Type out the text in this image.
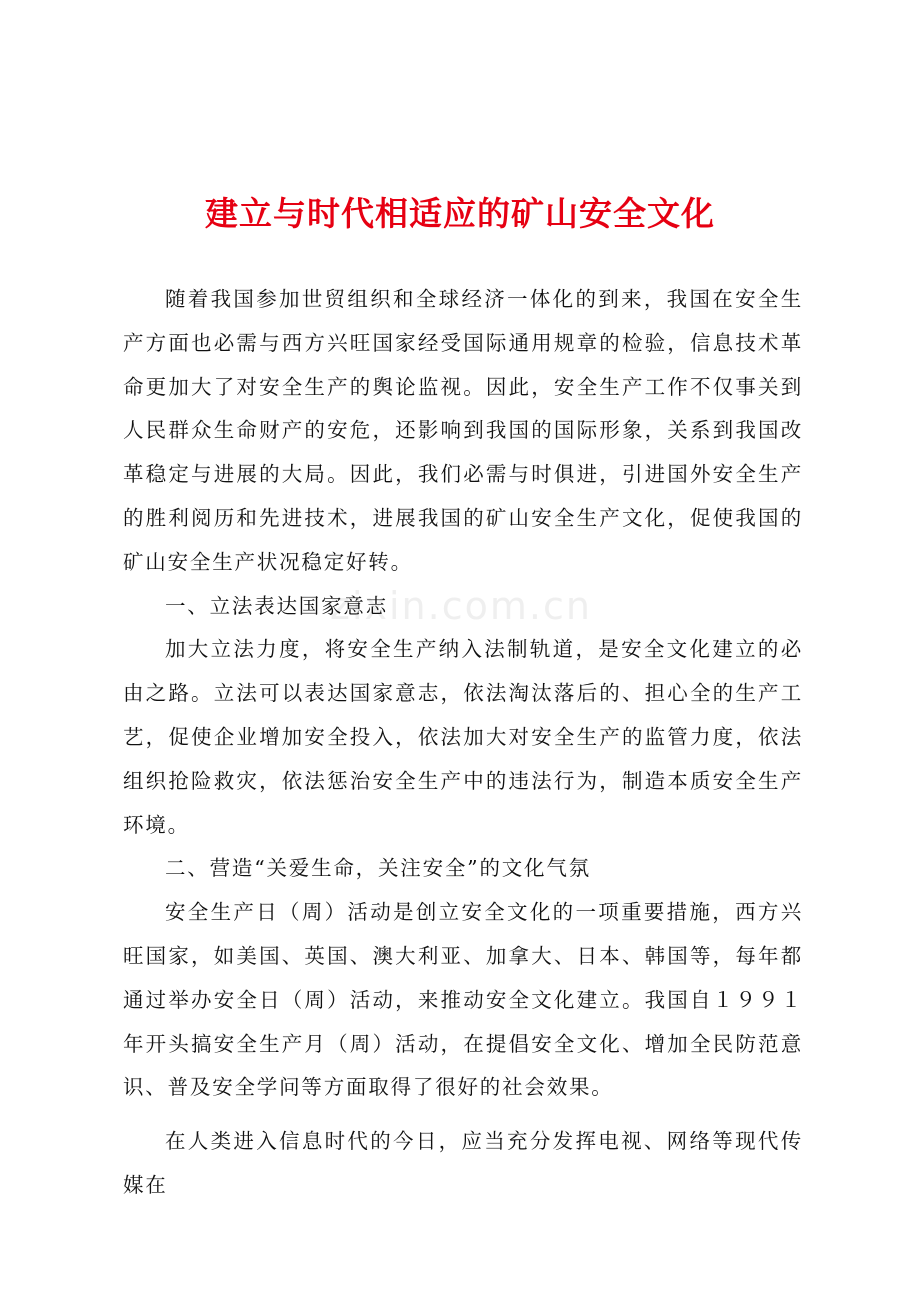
建立与时代相适应的矿山安全文化
zixin.com.cn

随着我国参加世贸组织和全球经济一体化的到来，我国在安全生产方面也必需与西方兴旺国家经受国际通用规章的检验，信息技术革命更加大了对安全生产的舆论监视。因此，安全生产工作不仅事关到人民群众生命财产的安危，还影响到我国的国际形象，关系到我国改革稳定与进展的大局。因此，我们必需与时俱进，引进国外安全生产的胜利阅历和先进技术，进展我国的矿山安全生产文化，促使我国的矿山安全生产状况稳定好转。

一、立法表达国家意志

加大立法力度，将安全生产纳入法制轨道，是安全文化建立的必由之路。立法可以表达国家意志，依法淘汰落后的、担心全的生产工艺，促使企业增加安全投入，依法加大对安全生产的监管力度，依法组织抢险救灾，依法惩治安全生产中的违法行为，制造本质安全生产环境。

二、营造“关爱生命，关注安全”的文化气氛

安全生产日（周）活动是创立安全文化的一项重要措施，西方兴旺国家，如美国、英国、澳大利亚、加拿大、日本、韩国等，每年都通过举办安全日（周）活动，来推动安全文化建立。我国自１９９１年开头搞安全生产月（周）活动，在提倡安全文化、增加全民防范意识、普及安全学问等方面取得了很好的社会效果。

在人类进入信息时代的今日，应当充分发挥电视、网络等现代传媒在
